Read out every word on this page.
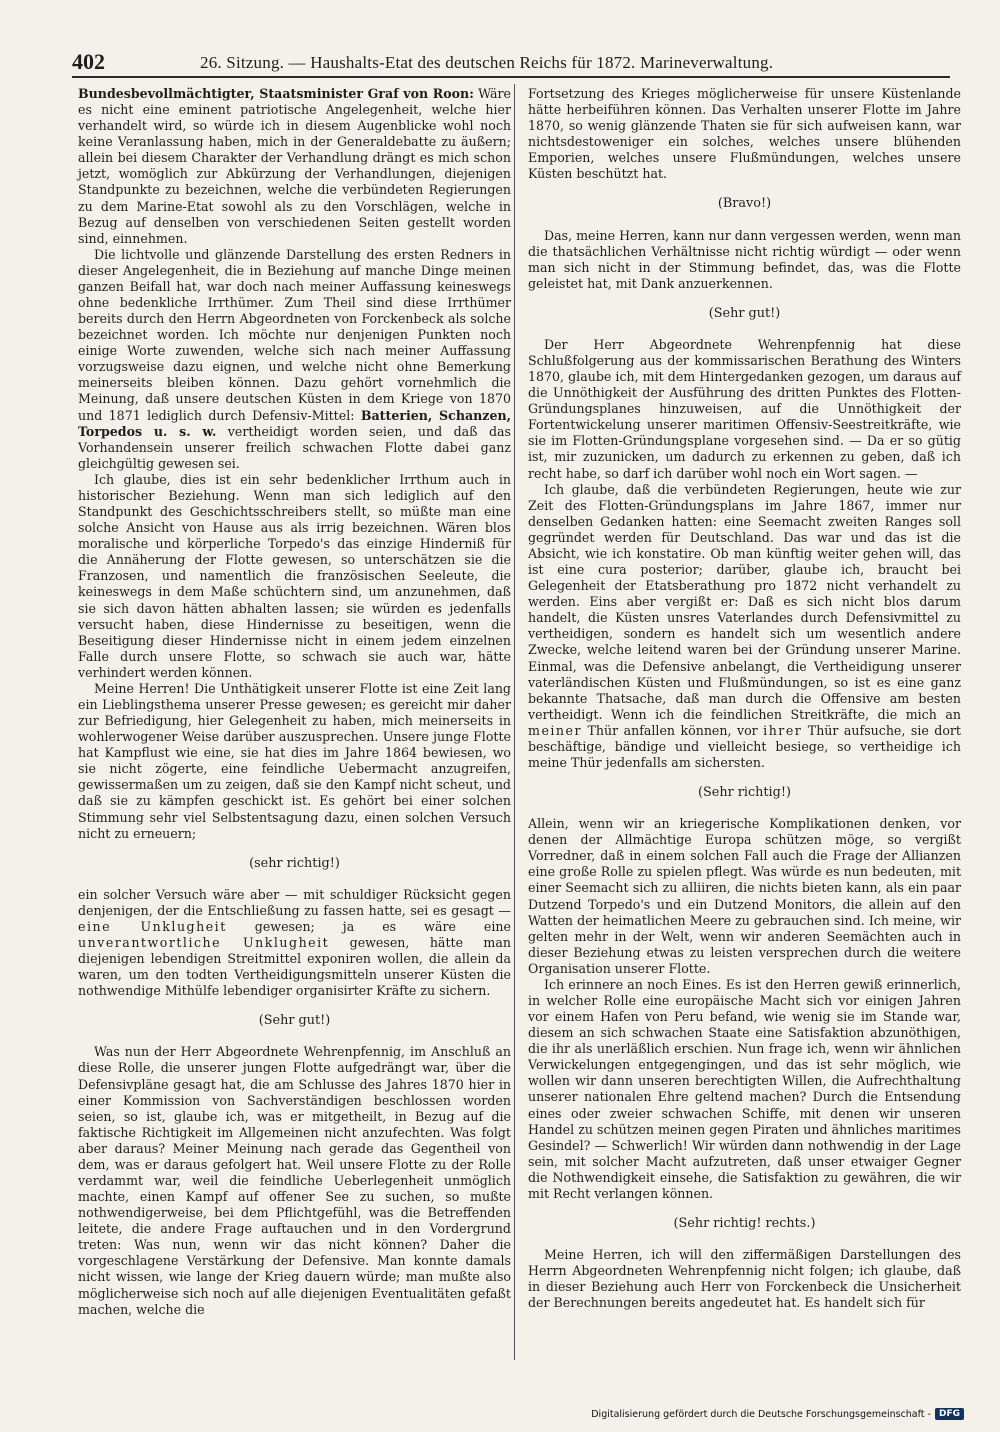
402	26. Sitzung. — Haushalts-Etat des deutschen Reichs für 1872. Marineverwaltung.

Bundesbevollmächtigter, Staatsminister Graf von Roon: Wäre es nicht eine eminent patriotische Angelegenheit, welche hier verhandelt wird, so würde ich in diesem Augenblicke wohl noch keine Veranlassung haben, mich in der Generaldebatte zu äußern; allein bei diesem Charakter der Verhandlung drängt es mich schon jetzt, womöglich zur Abkürzung der Verhandlungen, diejenigen Standpunkte zu bezeichnen, welche die verbündeten Regierungen zu dem Marine-Etat sowohl als zu den Vorschlägen, welche in Bezug auf denselben von verschiedenen Seiten gestellt worden sind, einnehmen.

Die lichtvolle und glänzende Darstellung des ersten Redners in dieser Angelegenheit, die in Beziehung auf manche Dinge meinen ganzen Beifall hat, war doch nach meiner Auffassung keineswegs ohne bedenkliche Irrthümer. Zum Theil sind diese Irrthümer bereits durch den Herrn Abgeordneten von Forckenbeck als solche bezeichnet worden. Ich möchte nur denjenigen Punkten noch einige Worte zuwenden, welche sich nach meiner Auffassung vorzugsweise dazu eignen, und welche nicht ohne Bemerkung meinerseits bleiben können. Dazu gehört vornehmlich die Meinung, daß unsere deutschen Küsten in dem Kriege von 1870 und 1871 lediglich durch Defensiv-Mittel: Batterien, Schanzen, Torpedos u. s. w. vertheidigt worden seien, und daß das Vorhandensein unserer freilich schwachen Flotte dabei ganz gleichgültig gewesen sei.

Ich glaube, dies ist ein sehr bedenklicher Irrthum auch in historischer Beziehung. Wenn man sich lediglich auf den Standpunkt des Geschichtsschreibers stellt, so müßte man eine solche Ansicht von Hause aus als irrig bezeichnen. Wären blos moralische und körperliche Torpedo's das einzige Hinderniß für die Annäherung der Flotte gewesen, so unterschätzen sie die Franzosen, und namentlich die französischen Seeleute, die keineswegs in dem Maße schüchtern sind, um anzunehmen, daß sie sich davon hätten abhalten lassen; sie würden es jedenfalls versucht haben, diese Hindernisse zu beseitigen, wenn die Beseitigung dieser Hindernisse nicht in einem jedem einzelnen Falle durch unsere Flotte, so schwach sie auch war, hätte verhindert werden können.

Meine Herren! Die Unthätigkeit unserer Flotte ist eine Zeit lang ein Lieblingsthema unserer Presse gewesen; es gereicht mir daher zur Befriedigung, hier Gelegenheit zu haben, mich meinerseits in wohlerwogener Weise darüber auszusprechen. Unsere junge Flotte hat Kampflust wie eine, sie hat dies im Jahre 1864 bewiesen, wo sie nicht zögerte, eine feindliche Uebermacht anzugreifen, gewissermaßen um zu zeigen, daß sie den Kampf nicht scheut, und daß sie zu kämpfen geschickt ist. Es gehört bei einer solchen Stimmung sehr viel Selbstentsagung dazu, einen solchen Versuch nicht zu erneuern;

(sehr richtig!)

ein solcher Versuch wäre aber — mit schuldiger Rücksicht gegen denjenigen, der die Entschließung zu fassen hatte, sei es gesagt — eine Unklugheit gewesen; ja es wäre eine unverantwortliche Unklugheit gewesen, hätte man diejenigen lebendigen Streitmittel exponiren wollen, die allein da waren, um den todten Vertheidigungsmitteln unserer Küsten die nothwendige Mithülfe lebendiger organisirter Kräfte zu sichern.

(Sehr gut!)

Was nun der Herr Abgeordnete Wehrenpfennig, im Anschluß an diese Rolle, die unserer jungen Flotte aufgedrängt war, über die Defensivpläne gesagt hat, die am Schlusse des Jahres 1870 hier in einer Kommission von Sachverständigen beschlossen worden seien, so ist, glaube ich, was er mitgetheilt, in Bezug auf die faktische Richtigkeit im Allgemeinen nicht anzufechten. Was folgt aber daraus? Meiner Meinung nach gerade das Gegentheil von dem, was er daraus gefolgert hat. Weil unsere Flotte zu der Rolle verdammt war, weil die feindliche Ueberlegenheit unmöglich machte, einen Kampf auf offener See zu suchen, so mußte nothwendigerweise, bei dem Pflichtgefühl, was die Betreffenden leitete, die andere Frage auftauchen und in den Vordergrund treten: Was nun, wenn wir das nicht können? Daher die vorgeschlagene Verstärkung der Defensive. Man konnte damals nicht wissen, wie lange der Krieg dauern würde; man mußte also möglicherweise sich noch auf alle diejenigen Eventualitäten gefaßt machen, welche die

Fortsetzung des Krieges möglicherweise für unsere Küstenlande hätte herbeiführen können. Das Verhalten unserer Flotte im Jahre 1870, so wenig glänzende Thaten sie für sich aufweisen kann, war nichtsdestoweniger ein solches, welches unsere blühenden Emporien, welches unsere Flußmündungen, welches unsere Küsten beschützt hat.

(Bravo!)

Das, meine Herren, kann nur dann vergessen werden, wenn man die thatsächlichen Verhältnisse nicht richtig würdigt — oder wenn man sich nicht in der Stimmung befindet, das, was die Flotte geleistet hat, mit Dank anzuerkennen.

(Sehr gut!)

Der Herr Abgeordnete Wehrenpfennig hat diese Schlußfolgerung aus der kommissarischen Berathung des Winters 1870, glaube ich, mit dem Hintergedanken gezogen, um daraus auf die Unnöthigkeit der Ausführung des dritten Punktes des Flotten-Gründungsplanes hinzuweisen, auf die Unnöthigkeit der Fortentwickelung unserer maritimen Offensiv-Seestreitkräfte, wie sie im Flotten-Gründungsplane vorgesehen sind. — Da er so gütig ist, mir zuzunicken, um dadurch zu erkennen zu geben, daß ich recht habe, so darf ich darüber wohl noch ein Wort sagen. —

Ich glaube, daß die verbündeten Regierungen, heute wie zur Zeit des Flotten-Gründungsplans im Jahre 1867, immer nur denselben Gedanken hatten: eine Seemacht zweiten Ranges soll gegründet werden für Deutschland. Das war und das ist die Absicht, wie ich konstatire. Ob man künftig weiter gehen will, das ist eine cura posterior; darüber, glaube ich, braucht bei Gelegenheit der Etatsberathung pro 1872 nicht verhandelt zu werden. Eins aber vergißt er: Daß es sich nicht blos darum handelt, die Küsten unsres Vaterlandes durch Defensivmittel zu vertheidigen, sondern es handelt sich um wesentlich andere Zwecke, welche leitend waren bei der Gründung unserer Marine. Einmal, was die Defensive anbelangt, die Vertheidigung unserer vaterländischen Küsten und Flußmündungen, so ist es eine ganz bekannte Thatsache, daß man durch die Offensive am besten vertheidigt. Wenn ich die feindlichen Streitkräfte, die mich an meiner Thür anfallen können, vor ihrer Thür aufsuche, sie dort beschäftige, bändige und vielleicht besiege, so vertheidige ich meine Thür jedenfalls am sichersten.

(Sehr richtig!)

Allein, wenn wir an kriegerische Komplikationen denken, vor denen der Allmächtige Europa schützen möge, so vergißt Vorredner, daß in einem solchen Fall auch die Frage der Allianzen eine große Rolle zu spielen pflegt. Was würde es nun bedeuten, mit einer Seemacht sich zu alliiren, die nichts bieten kann, als ein paar Dutzend Torpedo's und ein Dutzend Monitors, die allein auf den Watten der heimatlichen Meere zu gebrauchen sind. Ich meine, wir gelten mehr in der Welt, wenn wir anderen Seemächten auch in dieser Beziehung etwas zu leisten versprechen durch die weitere Organisation unserer Flotte.

Ich erinnere an noch Eines. Es ist den Herren gewiß erinnerlich, in welcher Rolle eine europäische Macht sich vor einigen Jahren vor einem Hafen von Peru befand, wie wenig sie im Stande war, diesem an sich schwachen Staate eine Satisfaktion abzunöthigen, die ihr als unerläßlich erschien. Nun frage ich, wenn wir ähnlichen Verwickelungen entgegengingen, und das ist sehr möglich, wie wollen wir dann unseren berechtigten Willen, die Aufrechthaltung unserer nationalen Ehre geltend machen? Durch die Entsendung eines oder zweier schwachen Schiffe, mit denen wir unseren Handel zu schützen meinen gegen Piraten und ähnliches maritimes Gesindel? — Schwerlich! Wir würden dann nothwendig in der Lage sein, mit solcher Macht aufzutreten, daß unser etwaiger Gegner die Nothwendigkeit einsehe, die Satisfaktion zu gewähren, die wir mit Recht verlangen können.

(Sehr richtig! rechts.)

Meine Herren, ich will den ziffermäßigen Darstellungen des Herrn Abgeordneten Wehrenpfennig nicht folgen; ich glaube, daß in dieser Beziehung auch Herr von Forckenbeck die Unsicherheit der Berechnungen bereits angedeutet hat. Es handelt sich für

Digitalisierung gefördert durch die Deutsche Forschungsgemeinschaft - DFG
